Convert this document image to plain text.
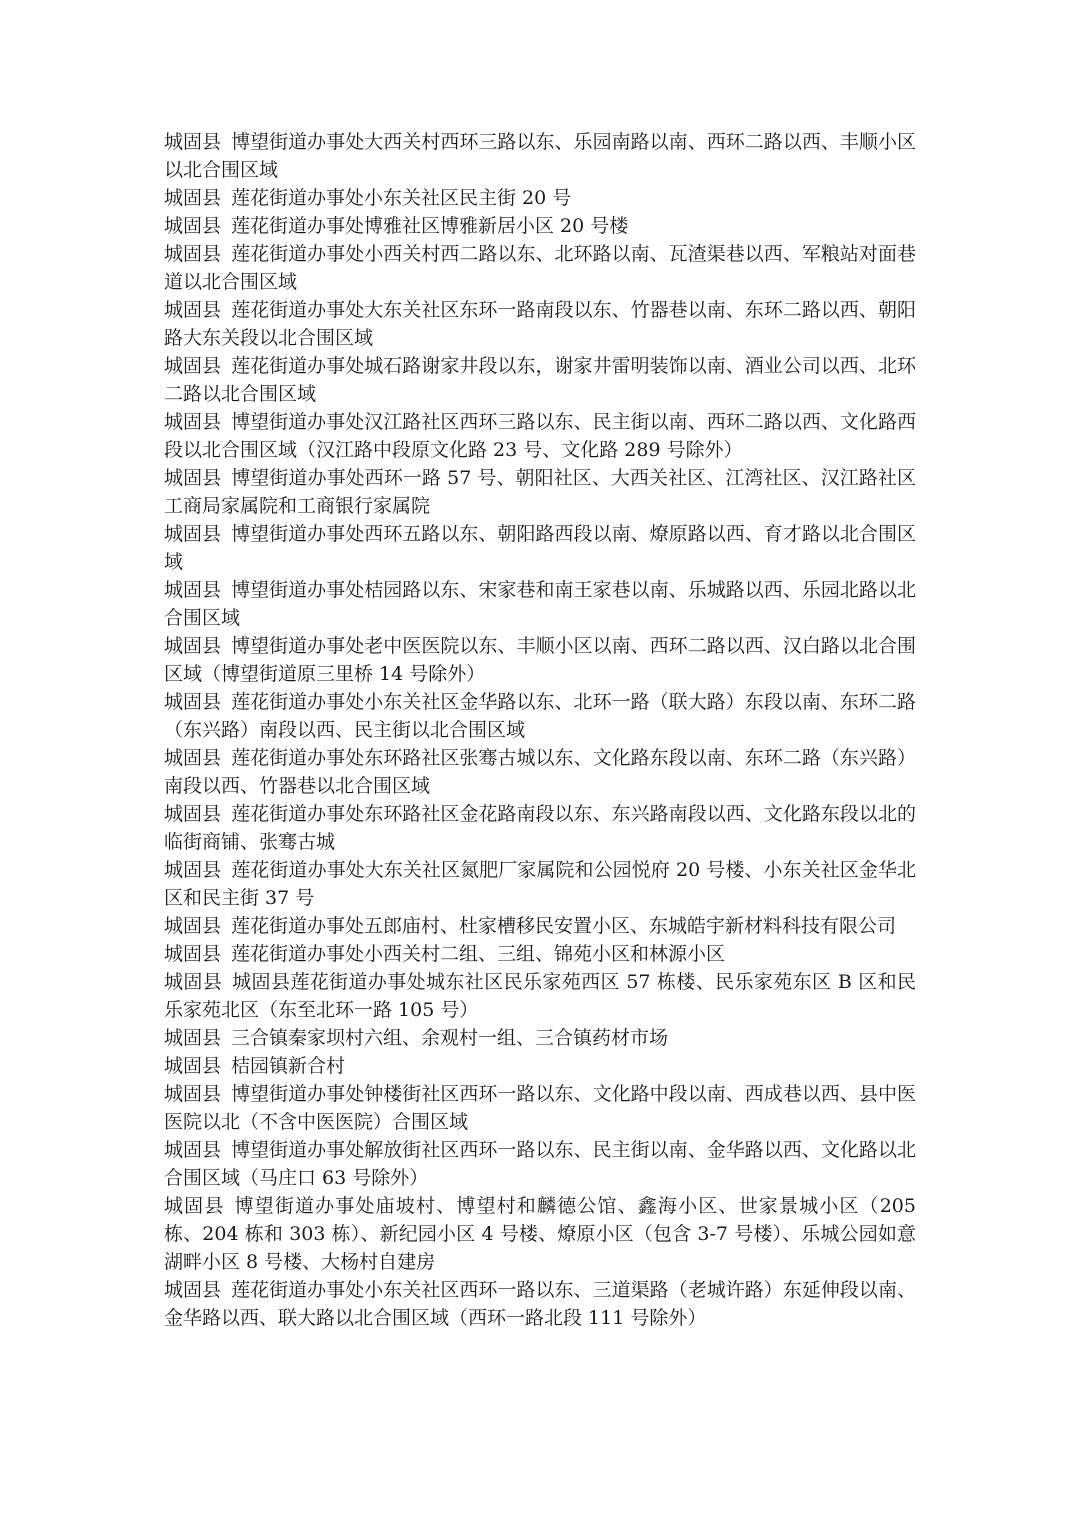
城固县 博望街道办事处大西关村西环三路以东、乐园南路以南、西环二路以西、丰顺小区以北合围区域

城固县 莲花街道办事处小东关社区民主街 20 号

城固县 莲花街道办事处博雅社区博雅新居小区 20 号楼

城固县 莲花街道办事处小西关村西二路以东、北环路以南、瓦渣渠巷以西、军粮站对面巷道以北合围区域

城固县 莲花街道办事处大东关社区东环一路南段以东、竹器巷以南、东环二路以西、朝阳路大东关段以北合围区域

城固县 莲花街道办事处城石路谢家井段以东，谢家井雷明装饰以南、酒业公司以西、北环二路以北合围区域

城固县 博望街道办事处汉江路社区西环三路以东、民主街以南、西环二路以西、文化路西段以北合围区域（汉江路中段原文化路 23 号、文化路 289 号除外）

城固县 博望街道办事处西环一路 57 号、朝阳社区、大西关社区、江湾社区、汉江路社区工商局家属院和工商银行家属院

城固县 博望街道办事处西环五路以东、朝阳路西段以南、燎原路以西、育才路以北合围区域

城固县 博望街道办事处桔园路以东、宋家巷和南王家巷以南、乐城路以西、乐园北路以北合围区域

城固县 博望街道办事处老中医医院以东、丰顺小区以南、西环二路以西、汉白路以北合围区域（博望街道原三里桥 14 号除外）

城固县 莲花街道办事处小东关社区金华路以东、北环一路（联大路）东段以南、东环二路（东兴路）南段以西、民主街以北合围区域

城固县 莲花街道办事处东环路社区张骞古城以东、文化路东段以南、东环二路（东兴路）南段以西、竹器巷以北合围区域

城固县 莲花街道办事处东环路社区金花路南段以东、东兴路南段以西、文化路东段以北的临街商铺、张骞古城

城固县 莲花街道办事处大东关社区氮肥厂家属院和公园悦府 20 号楼、小东关社区金华北区和民主街 37 号

城固县 莲花街道办事处五郎庙村、杜家槽移民安置小区、东城皓宇新材料科技有限公司

城固县 莲花街道办事处小西关村二组、三组、锦苑小区和林源小区

城固县 城固县莲花街道办事处城东社区民乐家苑西区 57 栋楼、民乐家苑东区 B 区和民乐家苑北区（东至北环一路 105 号）

城固县 三合镇秦家坝村六组、余观村一组、三合镇药材市场

城固县 桔园镇新合村

城固县 博望街道办事处钟楼街社区西环一路以东、文化路中段以南、西成巷以西、县中医医院以北（不含中医医院）合围区域

城固县 博望街道办事处解放街社区西环一路以东、民主街以南、金华路以西、文化路以北合围区域（马庄口 63 号除外）

城固县 博望街道办事处庙坡村、博望村和麟德公馆、鑫海小区、世家景城小区（205 栋、204 栋和 303 栋）、新纪园小区 4 号楼、燎原小区（包含 3-7 号楼）、乐城公园如意湖畔小区 8 号楼、大杨村自建房

城固县 莲花街道办事处小东关社区西环一路以东、三道渠路（老城许路）东延伸段以南、金华路以西、联大路以北合围区域（西环一路北段 111 号除外）
